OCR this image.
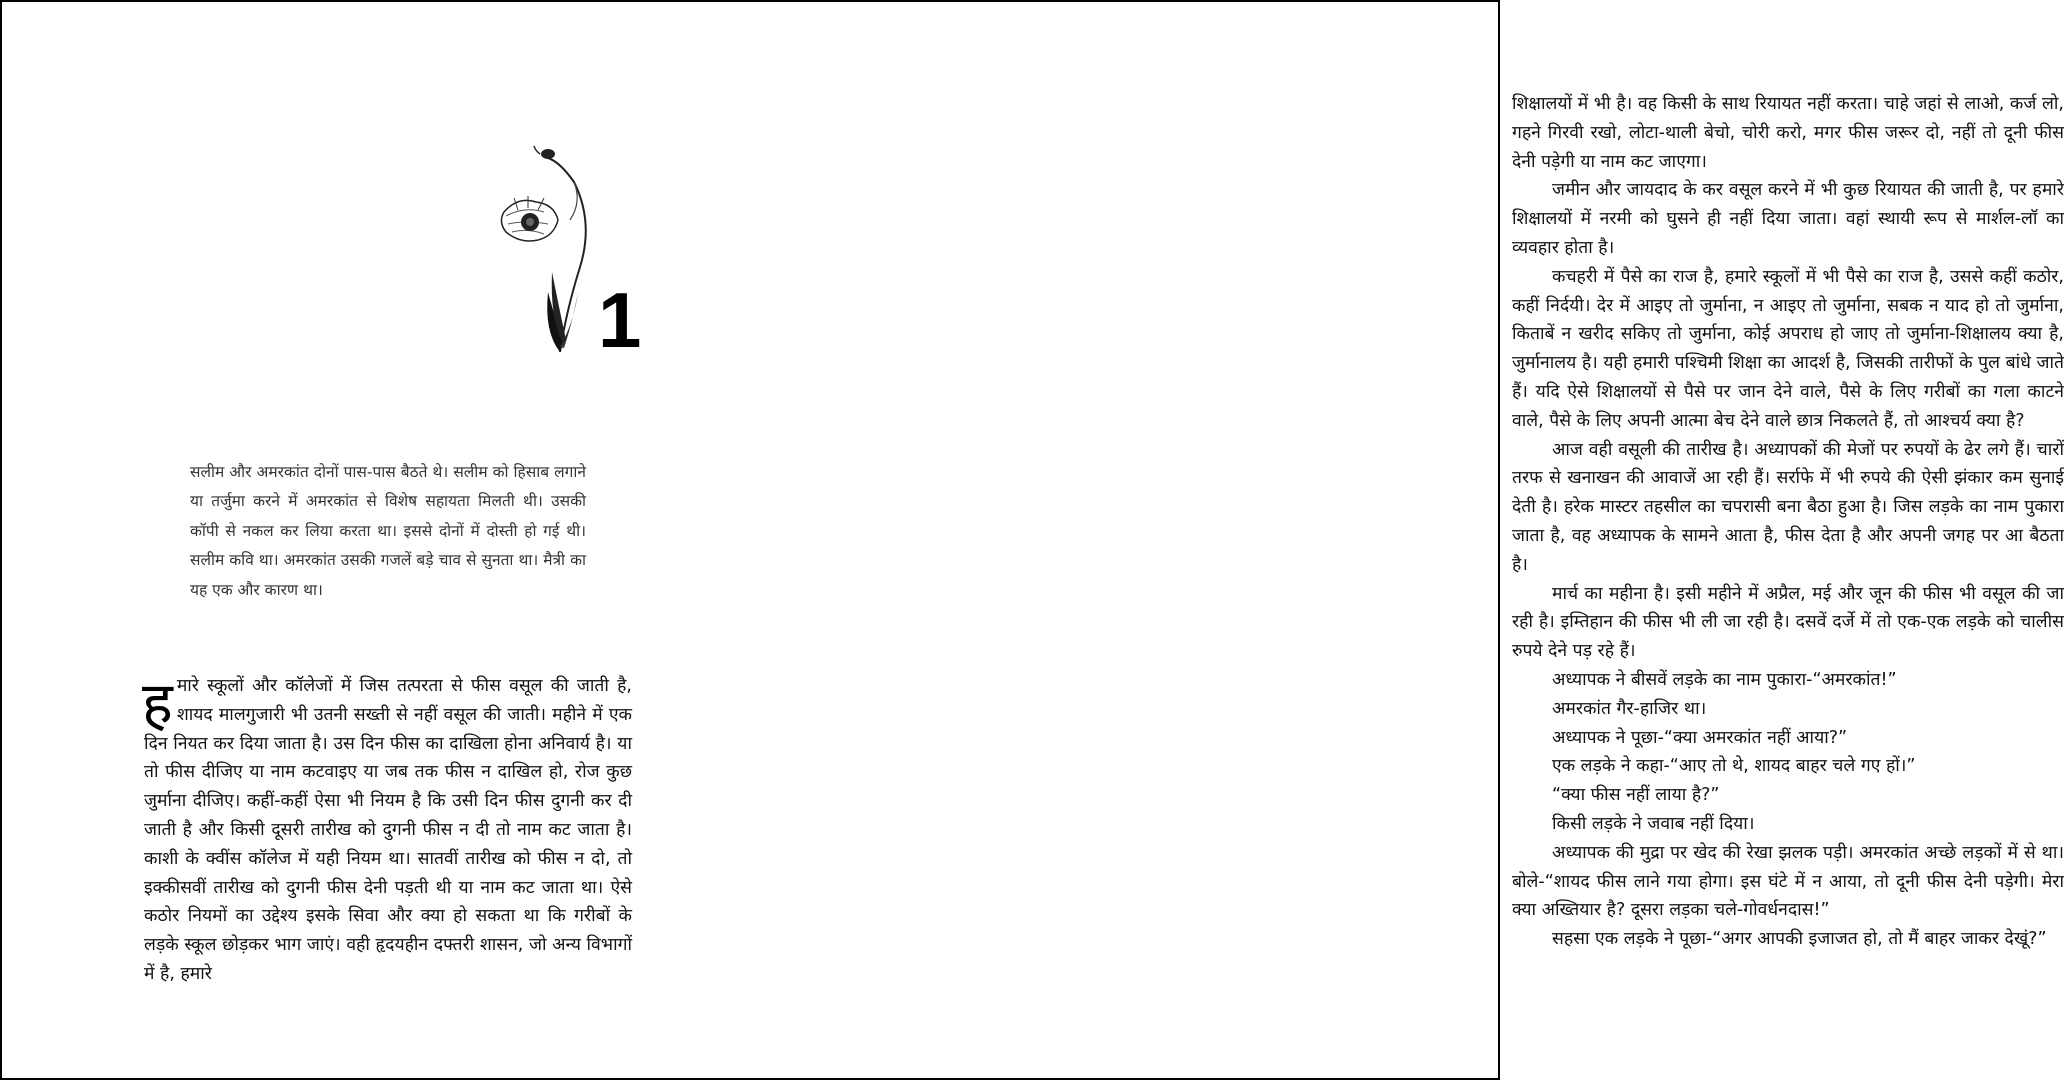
1

सलीम और अमरकांत दोनों पास-पास बैठते थे। सलीम को हिसाब लगाने या तर्जुमा करने में अमरकांत से विशेष सहायता मिलती थी। उसकी कॉपी से नकल कर लिया करता था। इससे दोनों में दोस्ती हो गई थी। सलीम कवि था। अमरकांत उसकी गजलें बड़े चाव से सुनता था। मैत्री का यह एक और कारण था।

हमारे स्कूलों और कॉलेजों में जिस तत्परता से फीस वसूल की जाती है, शायद मालगुजारी भी उतनी सख्ती से नहीं वसूल की जाती। महीने में एक दिन नियत कर दिया जाता है। उस दिन फीस का दाखिला होना अनिवार्य है। या तो फीस दीजिए या नाम कटवाइए या जब तक फीस न दाखिल हो, रोज कुछ जुर्माना दीजिए। कहीं-कहीं ऐसा भी नियम है कि उसी दिन फीस दुगनी कर दी जाती है और किसी दूसरी तारीख को दुगनी फीस न दी तो नाम कट जाता है। काशी के क्वींस कॉलेज में यही नियम था। सातवीं तारीख को फीस न दो, तो इक्कीसवीं तारीख को दुगनी फीस देनी पड़ती थी या नाम कट जाता था। ऐसे कठोर नियमों का उद्देश्य इसके सिवा और क्या हो सकता था कि गरीबों के लड़के स्कूल छोड़कर भाग जाएं। वही हृदयहीन दफ्तरी शासन, जो अन्य विभागों में है, हमारे

शिक्षालयों में भी है। वह किसी के साथ रियायत नहीं करता। चाहे जहां से लाओ, कर्ज लो, गहने गिरवी रखो, लोटा-थाली बेचो, चोरी करो, मगर फीस जरूर दो, नहीं तो दूनी फीस देनी पड़ेगी या नाम कट जाएगा।

जमीन और जायदाद के कर वसूल करने में भी कुछ रियायत की जाती है, पर हमारे शिक्षालयों में नरमी को घुसने ही नहीं दिया जाता। वहां स्थायी रूप से मार्शल-लॉ का व्यवहार होता है।

कचहरी में पैसे का राज है, हमारे स्कूलों में भी पैसे का राज है, उससे कहीं कठोर, कहीं निर्दयी। देर में आइए तो जुर्माना, न आइए तो जुर्माना, सबक न याद हो तो जुर्माना, किताबें न खरीद सकिए तो जुर्माना, कोई अपराध हो जाए तो जुर्माना-शिक्षालय क्या है, जुर्मानालय है। यही हमारी पश्चिमी शिक्षा का आदर्श है, जिसकी तारीफों के पुल बांधे जाते हैं। यदि ऐसे शिक्षालयों से पैसे पर जान देने वाले, पैसे के लिए गरीबों का गला काटने वाले, पैसे के लिए अपनी आत्मा बेच देने वाले छात्र निकलते हैं, तो आश्चर्य क्या है?

आज वही वसूली की तारीख है। अध्यापकों की मेजों पर रुपयों के ढेर लगे हैं। चारों तरफ से खनाखन की आवाजें आ रही हैं। सर्राफे में भी रुपये की ऐसी झंकार कम सुनाई देती है। हरेक मास्टर तहसील का चपरासी बना बैठा हुआ है। जिस लड़के का नाम पुकारा जाता है, वह अध्यापक के सामने आता है, फीस देता है और अपनी जगह पर आ बैठता है।

मार्च का महीना है। इसी महीने में अप्रैल, मई और जून की फीस भी वसूल की जा रही है। इम्तिहान की फीस भी ली जा रही है। दसवें दर्जे में तो एक-एक लड़के को चालीस रुपये देने पड़ रहे हैं।

अध्यापक ने बीसवें लड़के का नाम पुकारा-“अमरकांत!”

अमरकांत गैर-हाजिर था।

अध्यापक ने पूछा-“क्या अमरकांत नहीं आया?”

एक लड़के ने कहा-“आए तो थे, शायद बाहर चले गए हों।”

“क्या फीस नहीं लाया है?”

किसी लड़के ने जवाब नहीं दिया।

अध्यापक की मुद्रा पर खेद की रेखा झलक पड़ी। अमरकांत अच्छे लड़कों में से था। बोले-“शायद फीस लाने गया होगा। इस घंटे में न आया, तो दूनी फीस देनी पड़ेगी। मेरा क्या अख्तियार है? दूसरा लड़का चले-गोवर्धनदास!”

सहसा एक लड़के ने पूछा-“अगर आपकी इजाजत हो, तो मैं बाहर जाकर देखूं?”
